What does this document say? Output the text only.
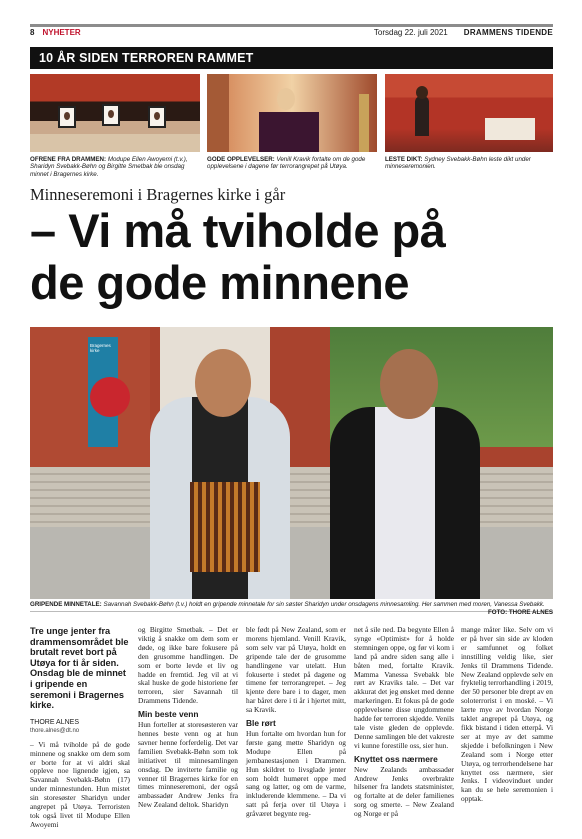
8 NYHETER	Torsdag 22. juli 2021 DRAMMENS TIDENDE
10 ÅR SIDEN TERROREN RAMMET
OFRENE FRA DRAMMEN: Modupe Ellen Awoyemi (t.v.), Sharidyn Svebakk-Bøhn og Birgitte Smetbak ble onsdag minnet i Bragernes kirke.
GODE OPPLEVELSER: Venill Kravik fortalte om de gode opplevelsene i dagene før terrorangrepet på Utøya.
LESTE DIKT: Sydney Svebakk-Bøhn leste dikt under minneseremonien.
Minneseremoni i Bragernes kirke i går
– Vi må tviholde på
de gode minnene
Bragernes kirke
GRIPENDE MINNETALE: Savannah Svebakk-Bøhn (t.v.) holdt en gripende minnetale for sin søster Sharidyn under onsdagens minnesamling. Her sammen med moren, Vanessa Svebakk.
FOTO: THORE ALNES
Tre unge jenter fra drammensområdet ble brutalt revet bort på Utøya for ti år siden. Onsdag ble de minnet i gripende en seremoni i Bragernes kirke.
THORE ALNES
thore.alnes@dt.no
– Vi må tviholde på de gode minnene og snakke om dem som er borte for at vi aldri skal oppleve noe lignende igjen, sa Savannah Svebakk-Bøhn (17) under minnestunden. Hun mistet sin storesøster Sharidyn under angrepet på Utøya. Terroristen tok også livet til Modupe Ellen Awoyemi
og Birgitte Smetbak. – Det er viktig å snakke om dem som er døde, og ikke bare fokusere på den grusomme handlingen. De som er borte levde et liv og hadde en fremtid. Jeg vil at vi skal huske de gode historiene før terroren, sier Savannah til Drammens Tidende.
Min beste venn
Hun forteller at storesøsteren var hennes beste venn og at hun savner henne forferdelig. Det var familien Svebakk-Bøhn som tok initiativet til minnesamlingen onsdag. De inviterte familie og venner til Bragernes kirke for en times minneseremoni, der også ambassadør Andrew Jenks fra New Zealand deltok. Sharidyn
ble født på New Zealand, som er morens hjemland. Venill Kravik, som selv var på Utøya, holdt en gripende tale der de grusomme handlingene var utelatt. Hun fokuserte i stedet på dagene og timene før terrorangrepet. – Jeg kjente dere bare i to dager, men har båret dere i ti år i hjertet mitt, sa Kravik.
Ble rørt
Hun fortalte om hvordan hun for første gang møtte Sharidyn og Modupe Ellen på jernbanestasjonen i Drammen. Hun skildret to livsglade jenter som holdt humøret oppe med sang og latter, og om de varme, inkluderende klemmene. – Da vi satt på ferja over til Utøya i gråværet begynte reg-
net å sile ned. Da begynte Ellen å synge «Optimist» for å holde stemningen oppe, og før vi kom i land på andre siden sang alle i båten med, fortalte Kravik. Mamma Vanessa Svebakk ble rørt av Kraviks tale. – Det var akkurat det jeg ønsket med denne markeringen. Et fokus på de gode opplevelsene disse ungdommene hadde før terroren skjedde. Venils tale viste gleden de opplevde. Denne samlingen ble det vakreste vi kunne forestille oss, sier hun.
Knyttet oss nærmere
New Zealands ambassadør Andrew Jenks overbrakte hilsener fra landets statsminister, og fortalte at de deler familienes sorg og smerte. – New Zealand og Norge er på
mange måter like. Selv om vi er på hver sin side av kloden er samfunnet og folket innstilling veldig like, sier Jenks til Drammens Tidende. New Zealand opplevde selv en fryktelig terrorhandling i 2019, der 50 personer ble drept av en soloterrorist i en moské. – Vi lærte mye av hvordan Norge taklet angrepet på Utøya, og fikk bistand i tiden etterpå. Vi ser at mye av det samme skjedde i befolkningen i New Zealand som i Norge etter Utøya, og terrorhendelsene har knyttet oss nærmere, sier Jenks. I videovinduet under kan du se hele seremonien i opptak.
